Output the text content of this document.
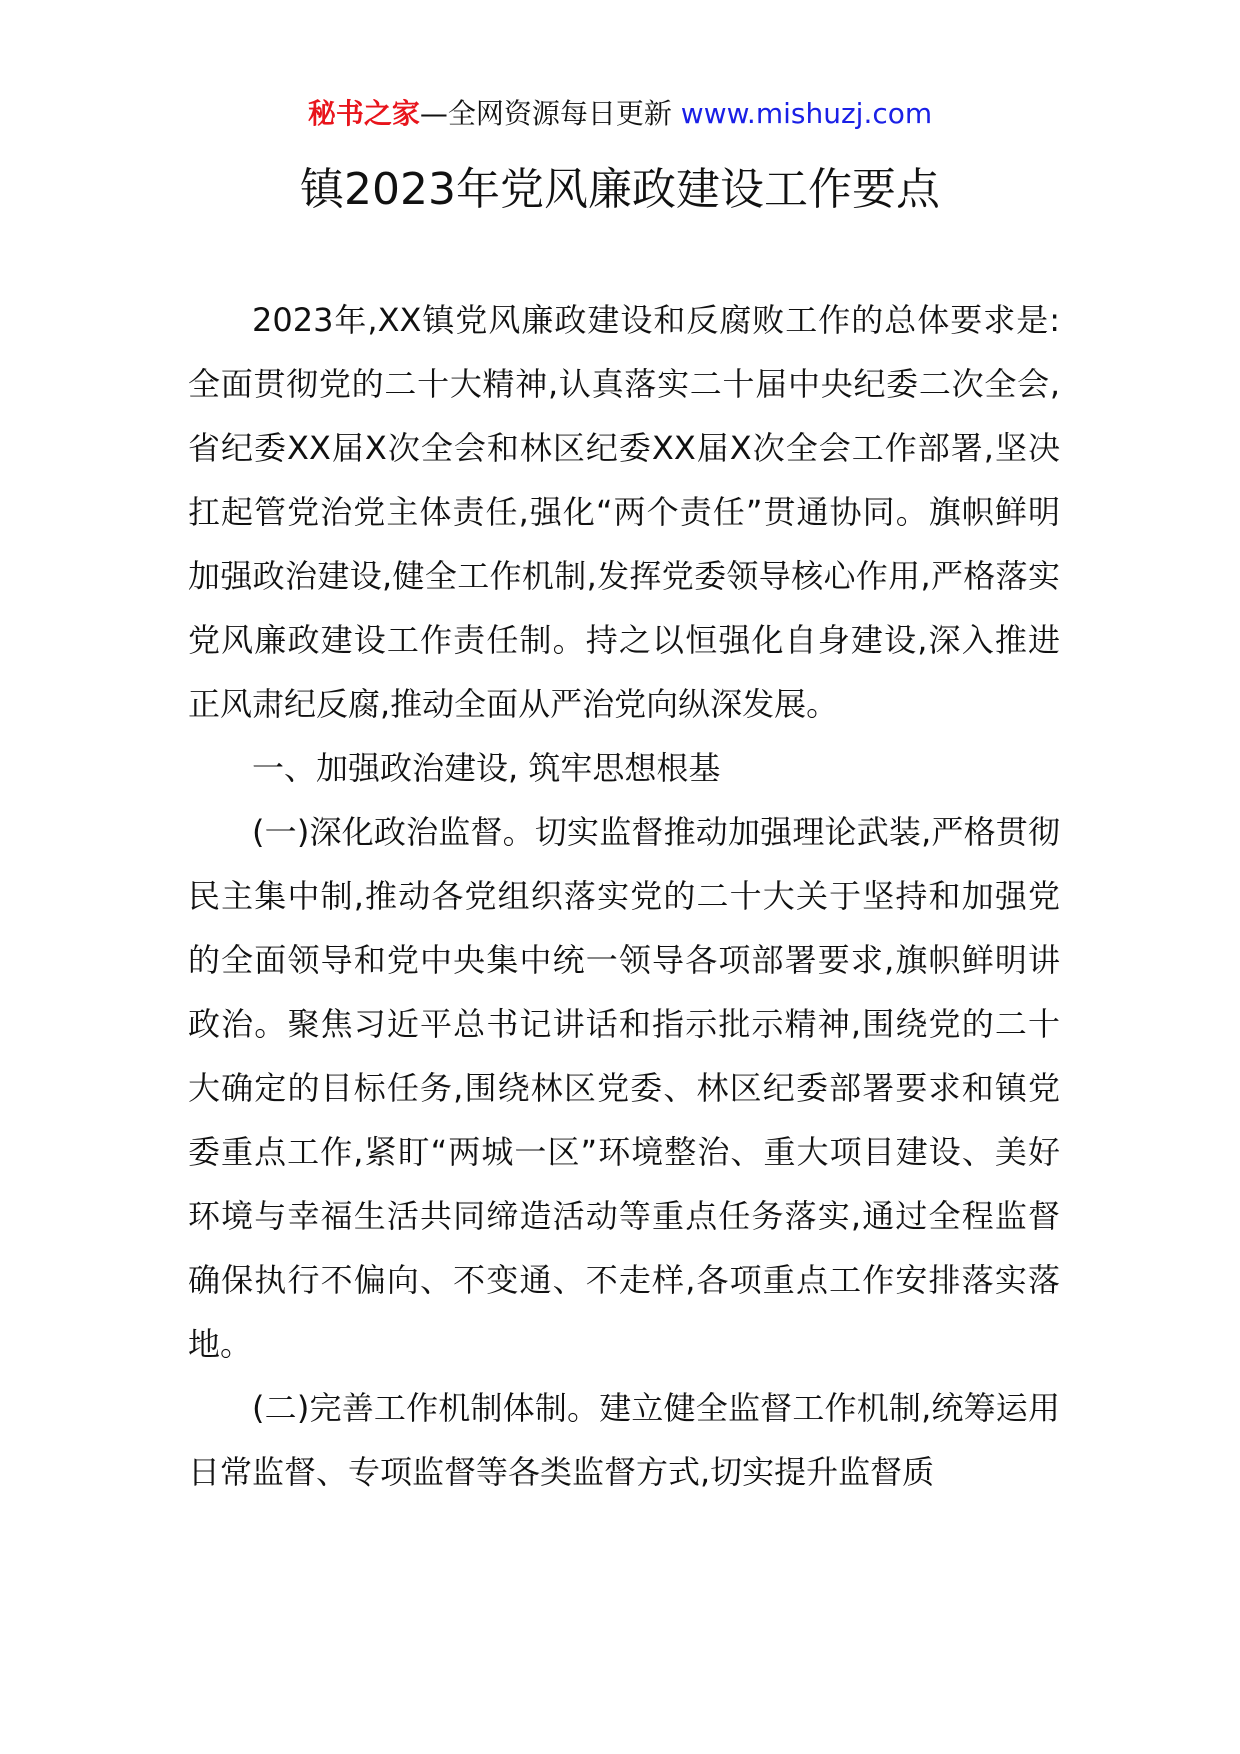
秘书之家—全网资源每日更新 www.mishuzj.com
镇2023年党风廉政建设工作要点

2023年,XX镇党风廉政建设和反腐败工作的总体要求是:全面贯彻党的二十大精神,认真落实二十届中央纪委二次全会,省纪委XX届X次全会和林区纪委XX届X次全会工作部署,坚决扛起管党治党主体责任,强化“两个责任”贯通协同。旗帜鲜明加强政治建设,健全工作机制,发挥党委领导核心作用,严格落实党风廉政建设工作责任制。持之以恒强化自身建设,深入推进正风肃纪反腐,推动全面从严治党向纵深发展。

一、加强政治建设, 筑牢思想根基

(一)深化政治监督。切实监督推动加强理论武装,严格贯彻民主集中制,推动各党组织落实党的二十大关于坚持和加强党的全面领导和党中央集中统一领导各项部署要求,旗帜鲜明讲政治。聚焦习近平总书记讲话和指示批示精神,围绕党的二十大确定的目标任务,围绕林区党委、林区纪委部署要求和镇党委重点工作,紧盯“两城一区”环境整治、重大项目建设、美好环境与幸福生活共同缔造活动等重点任务落实,通过全程监督确保执行不偏向、不变通、不走样,各项重点工作安排落实落地。

(二)完善工作机制体制。建立健全监督工作机制,统筹运用日常监督、专项监督等各类监督方式,切实提升监督质
